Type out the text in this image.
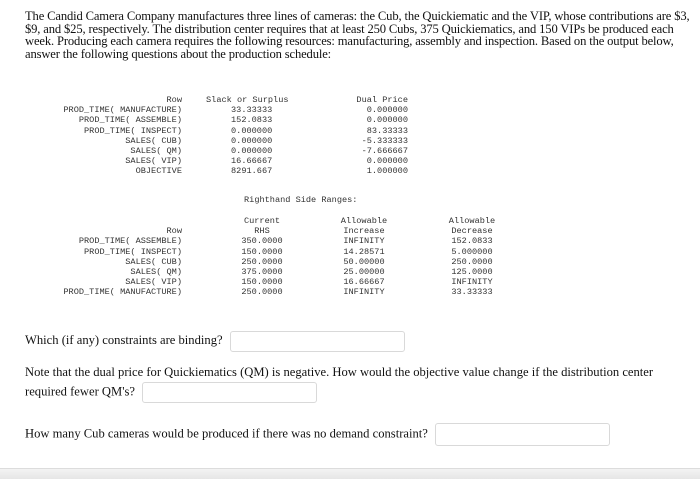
The Candid Camera Company manufactures three lines of cameras: the Cub, the Quickiematic and the VIP, whose contributions are $3, $9, and $25, respectively. The distribution center requires that at least 250 Cubs, 375 Quickiematics, and 150 VIPs be produced each week. Producing each camera requires the following resources: manufacturing, assembly and inspection. Based on the output below, answer the following questions about the production schedule:
Row
PROD_TIME( MANUFACTURE)
PROD_TIME( ASSEMBLE)
PROD_TIME( INSPECT)
SALES( CUB)
SALES( QM)
SALES( VIP)
OBJECTIVE
Slack or Surplus
33.33333
152.0833
0.000000
0.000000
0.000000
16.66667
8291.667
Dual Price
0.000000
0.000000
83.33333
-5.333333
-7.666667
0.000000
1.000000
Righthand Side Ranges:

Row
PROD_TIME( ASSEMBLE)
PROD_TIME( INSPECT)
SALES( CUB)
SALES( QM)
SALES( VIP)
PROD_TIME( MANUFACTURE)
Current
RHS
350.0000
150.0000
250.0000
375.0000
150.0000
250.0000
Allowable
Increase
INFINITY
14.28571
50.00000
25.00000
16.66667
INFINITY
Allowable
Decrease
152.0833
5.000000
250.0000
125.0000
INFINITY
33.33333
Which (if any) constraints are binding?
Note that the dual price for Quickiematics (QM) is negative. How would the objective value change if the distribution center
required fewer QM's?
How many Cub cameras would be produced if there was no demand constraint?
